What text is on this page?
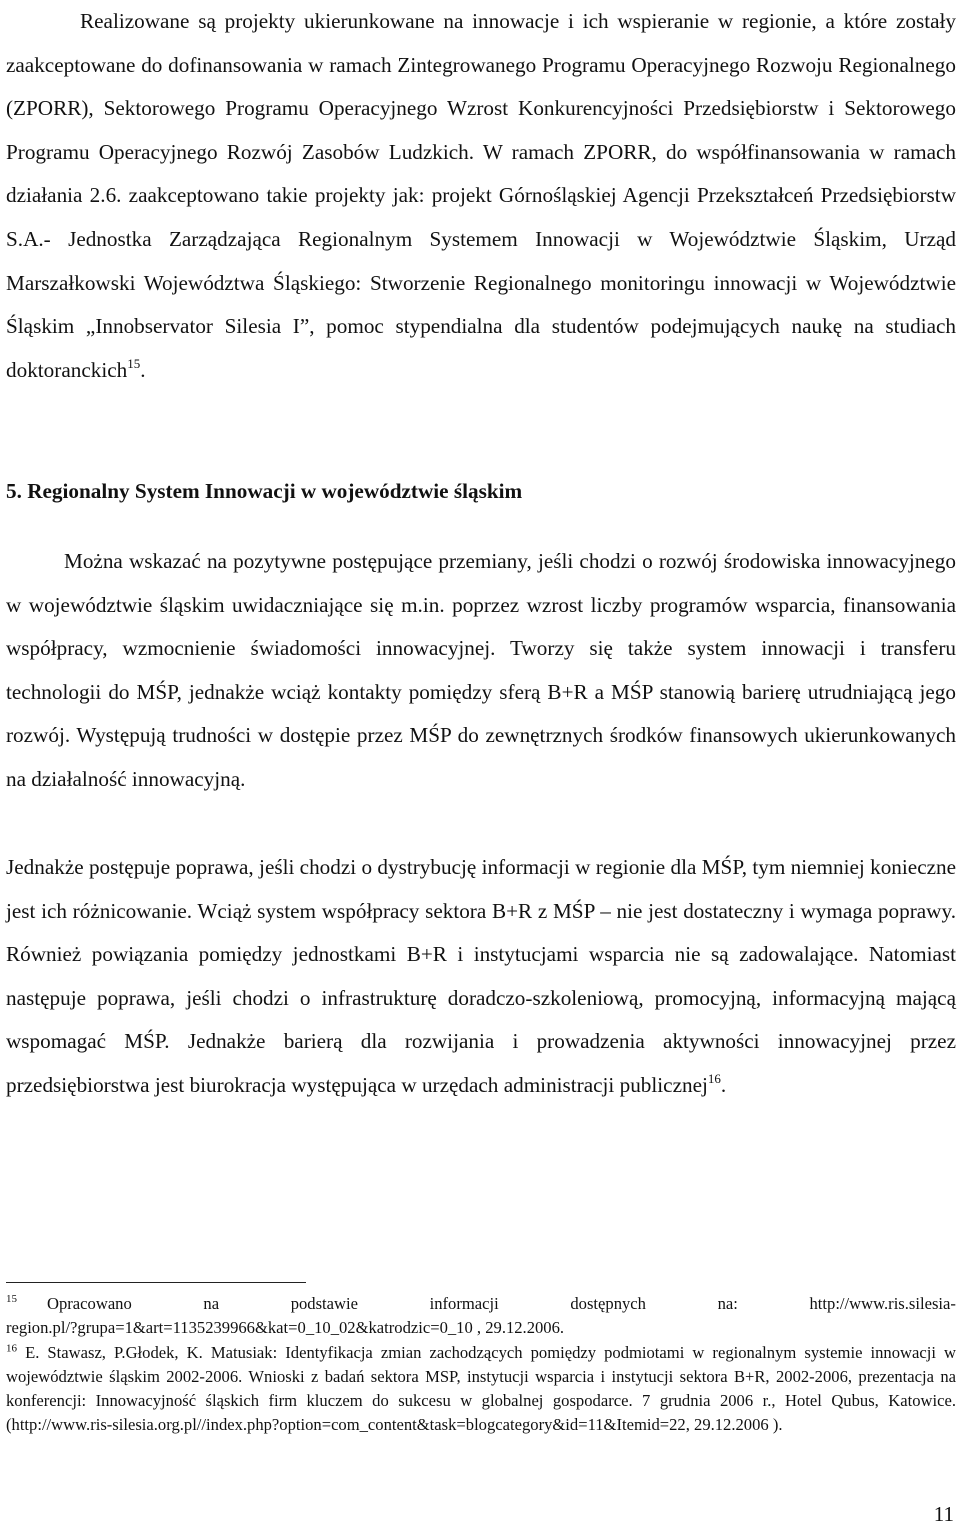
Realizowane są projekty ukierunkowane na innowacje i ich wspieranie w regionie, a które zostały zaakceptowane do dofinansowania w ramach Zintegrowanego Programu Operacyjnego Rozwoju Regionalnego (ZPORR), Sektorowego Programu Operacyjnego Wzrost Konkurencyjności Przedsiębiorstw i Sektorowego Programu Operacyjnego Rozwój Zasobów Ludzkich. W ramach ZPORR, do współfinansowania w ramach działania 2.6. zaakceptowano takie projekty jak: projekt Górnośląskiej Agencji Przekształceń Przedsiębiorstw S.A.- Jednostka Zarządzająca Regionalnym Systemem Innowacji w Województwie Śląskim, Urząd Marszałkowski Województwa Śląskiego: Stworzenie Regionalnego monitoringu innowacji w Województwie Śląskim „Innobservator Silesia I”, pomoc stypendialna dla studentów podejmujących naukę na studiach doktoranckich$^{15}$.

5. Regionalny System Innowacji w województwie śląskim

Można wskazać na pozytywne postępujące przemiany, jeśli chodzi o rozwój środowiska innowacyjnego w województwie śląskim uwidaczniające się m.in. poprzez wzrost liczby programów wsparcia, finansowania współpracy, wzmocnienie świadomości innowacyjnej. Tworzy się także system innowacji i transferu technologii do MŚP, jednakże wciąż kontakty pomiędzy sferą B+R a MŚP stanowią barierę utrudniającą jego rozwój. Występują trudności w dostępie przez MŚP do zewnętrznych środków finansowych ukierunkowanych na działalność innowacyjną.

Jednakże postępuje poprawa, jeśli chodzi o dystrybucję informacji w regionie dla MŚP, tym niemniej konieczne jest ich różnicowanie. Wciąż system współpracy sektora B+R z MŚP – nie jest dostateczny i wymaga poprawy. Również powiązania pomiędzy jednostkami B+R i instytucjami wsparcia nie są zadowalające. Natomiast następuje poprawa, jeśli chodzi o infrastrukturę doradczo-szkoleniową, promocyjną, informacyjną mającą wspomagać MŚP. Jednakże barierą dla rozwijania i prowadzenia aktywności innowacyjnej przez przedsiębiorstwa jest biurokracja występująca w urzędach administracji publicznej$^{16}$.

$^{15}$ Opracowano	na	podstawie	informacji	dostępnych	na:	http://www.ris.silesia-
region.pl/?grupa=1&art=1135239966&kat=0_10_02&katrodzic=0_10 , 29.12.2006.
$^{16}$ E. Stawasz, P.Głodek, K. Matusiak: Identyfikacja zmian zachodzących pomiędzy podmiotami w regionalnym systemie innowacji w województwie śląskim 2002-2006. Wnioski z badań sektora MSP, instytucji wsparcia i instytucji sektora B+R, 2002-2006, prezentacja na konferencji: Innowacyjność śląskich firm kluczem do sukcesu w globalnej gospodarce. 7 grudnia 2006 r., Hotel Qubus, Katowice. (http://www.ris-silesia.org.pl//index.php?option=com_content&task=blogcategory&id=11&Itemid=22, 29.12.2006 ).
11
